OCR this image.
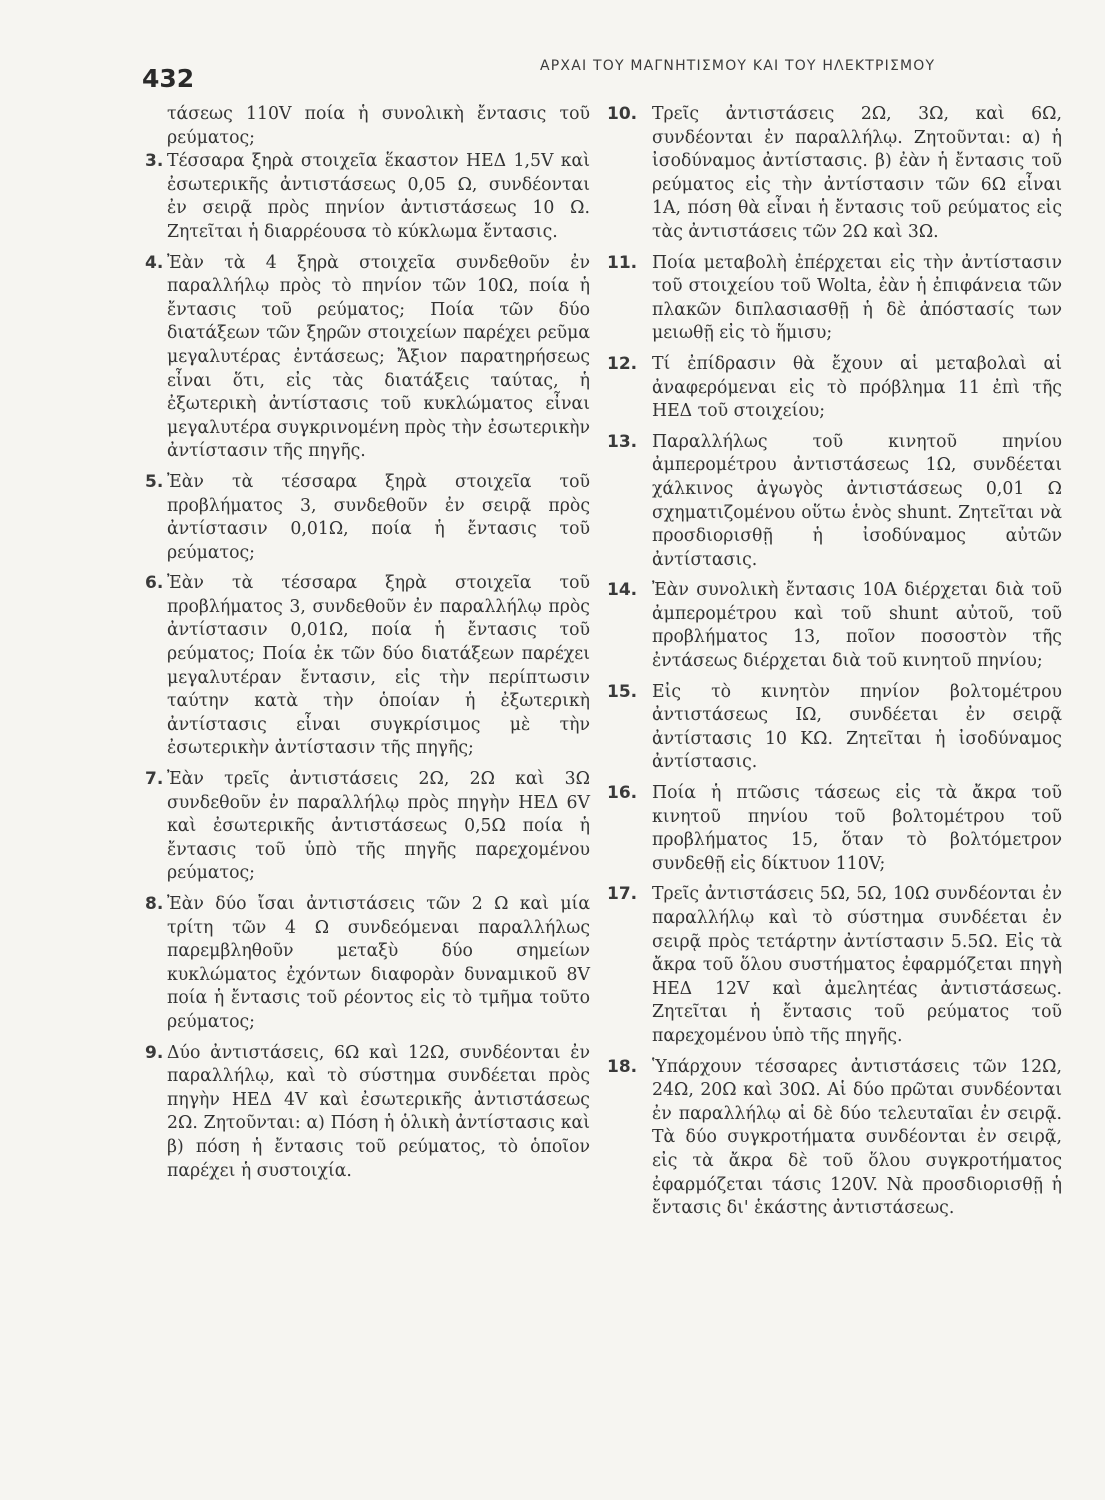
432	ΑΡΧΑΙ ΤΟΥ ΜΑΓΝΗΤΙΣΜΟΥ ΚΑΙ ΤΟΥ ΗΛΕΚΤΡΙΣΜΟΥ
τάσεως 110V ποία ἡ συνολικὴ ἔντασις τοῦ ρεύματος;
3. Τέσσαρα ξηρὰ στοιχεῖα ἕκαστον ΗΕΔ 1,5V καὶ ἐσωτερικῆς ἀντιστάσεως 0,05 Ω, συνδέονται ἐν σειρᾷ πρὸς πηνίον ἀντιστάσεως 10 Ω. Ζητεῖται ἡ διαρρέουσα τὸ κύκλωμα ἔντασις.
4. Ἐὰν τὰ 4 ξηρὰ στοιχεῖα συνδεθοῦν ἐν παραλλήλῳ πρὸς τὸ πηνίον τῶν 10Ω, ποία ἡ ἔντασις τοῦ ρεύματος; Ποία τῶν δύο διατάξεων τῶν ξηρῶν στοιχείων παρέχει ρεῦμα μεγαλυτέρας ἐντάσεως; Ἄξιον παρατηρήσεως εἶναι ὅτι, εἰς τὰς διατάξεις ταύτας, ἡ ἐξωτερικὴ ἀντίστασις τοῦ κυκλώματος εἶναι μεγαλυτέρα συγκρινομένη πρὸς τὴν ἐσωτερικὴν ἀντίστασιν τῆς πηγῆς.
5. Ἐὰν τὰ τέσσαρα ξηρὰ στοιχεῖα τοῦ προβλήματος 3, συνδεθοῦν ἐν σειρᾷ πρὸς ἀντίστασιν 0,01Ω, ποία ἡ ἔντασις τοῦ ρεύματος;
6. Ἐὰν τὰ τέσσαρα ξηρὰ στοιχεῖα τοῦ προβλήματος 3, συνδεθοῦν ἐν παραλλήλῳ πρὸς ἀντίστασιν 0,01Ω, ποία ἡ ἔντασις τοῦ ρεύματος; Ποία ἐκ τῶν δύο διατάξεων παρέχει μεγαλυτέραν ἔντασιν, εἰς τὴν περίπτωσιν ταύτην κατὰ τὴν ὁποίαν ἡ ἐξωτερικὴ ἀντίστασις εἶναι συγκρίσιμος μὲ τὴν ἐσωτερικὴν ἀντίστασιν τῆς πηγῆς;
7. Ἐὰν τρεῖς ἀντιστάσεις 2Ω, 2Ω καὶ 3Ω συνδεθοῦν ἐν παραλλήλῳ πρὸς πηγὴν ΗΕΔ 6V καὶ ἐσωτερικῆς ἀντιστάσεως 0,5Ω ποία ἡ ἔντασις τοῦ ὑπὸ τῆς πηγῆς παρεχομένου ρεύματος;
8. Ἐὰν δύο ἴσαι ἀντιστάσεις τῶν 2 Ω καὶ μία τρίτη τῶν 4 Ω συνδεόμεναι παραλλήλως παρεμβληθοῦν μεταξὺ δύο σημείων κυκλώματος ἐχόντων διαφορὰν δυναμικοῦ 8V ποία ἡ ἔντασις τοῦ ρέοντος εἰς τὸ τμῆμα τοῦτο ρεύματος;
9. Δύο ἀντιστάσεις, 6Ω καὶ 12Ω, συνδέονται ἐν παραλλήλῳ, καὶ τὸ σύστημα συνδέεται πρὸς πηγὴν ΗΕΔ 4V καὶ ἐσωτερικῆς ἀντιστάσεως 2Ω. Ζητοῦνται: α) Πόση ἡ ὁλικὴ ἀντίστασις καὶ β) πόση ἡ ἔντασις τοῦ ρεύματος, τὸ ὁποῖον παρέχει ἡ συστοιχία.
10. Τρεῖς ἀντιστάσεις 2Ω, 3Ω, καὶ 6Ω, συνδέονται ἐν παραλλήλῳ. Ζητοῦνται: α) ἡ ἰσοδύναμος ἀντίστασις. β) ἐὰν ἡ ἔντασις τοῦ ρεύματος εἰς τὴν ἀντίστασιν τῶν 6Ω εἶναι 1Α, πόση θὰ εἶναι ἡ ἔντασις τοῦ ρεύματος εἰς τὰς ἀντιστάσεις τῶν 2Ω καὶ 3Ω.
11. Ποία μεταβολὴ ἐπέρχεται εἰς τὴν ἀντίστασιν τοῦ στοιχείου τοῦ Wolta, ἐὰν ἡ ἐπιφάνεια τῶν πλακῶν διπλασιασθῇ ἡ δὲ ἀπόστασίς των μειωθῇ εἰς τὸ ἥμισυ;
12. Τί ἐπίδρασιν θὰ ἔχουν αἱ μεταβολαὶ αἱ ἀναφερόμεναι εἰς τὸ πρόβλημα 11 ἐπὶ τῆς ΗΕΔ τοῦ στοιχείου;
13. Παραλλήλως τοῦ κινητοῦ πηνίου ἀμπερομέτρου ἀντιστάσεως 1Ω, συνδέεται χάλκινος ἀγωγὸς ἀντιστάσεως 0,01 Ω σχηματιζομένου οὕτω ἑνὸς shunt. Ζητεῖται νὰ προσδιορισθῇ ἡ ἰσοδύναμος αὐτῶν ἀντίστασις.
14. Ἐὰν συνολικὴ ἔντασις 10Α διέρχεται διὰ τοῦ ἀμπερομέτρου καὶ τοῦ shunt αὐτοῦ, τοῦ προβλήματος 13, ποῖον ποσοστὸν τῆς ἐντάσεως διέρχεται διὰ τοῦ κινητοῦ πηνίου;
15. Εἰς τὸ κινητὸν πηνίον βολτομέτρου ἀντιστάσεως ΙΩ, συνδέεται ἐν σειρᾷ ἀντίστασις 10 ΚΩ. Ζητεῖται ἡ ἰσοδύναμος ἀντίστασις.
16. Ποία ἡ πτῶσις τάσεως εἰς τὰ ἄκρα τοῦ κινητοῦ πηνίου τοῦ βολτομέτρου τοῦ προβλήματος 15, ὅταν τὸ βολτόμετρον συνδεθῇ εἰς δίκτυον 110V;
17. Τρεῖς ἀντιστάσεις 5Ω, 5Ω, 10Ω συνδέονται ἐν παραλλήλῳ καὶ τὸ σύστημα συνδέεται ἐν σειρᾷ πρὸς τετάρτην ἀντίστασιν 5.5Ω. Εἰς τὰ ἄκρα τοῦ ὅλου συστήματος ἐφαρμόζεται πηγὴ ΗΕΔ 12V καὶ ἀμελητέας ἀντιστάσεως. Ζητεῖται ἡ ἔντασις τοῦ ρεύματος τοῦ παρεχομένου ὑπὸ τῆς πηγῆς.
18. Ὑπάρχουν τέσσαρες ἀντιστάσεις τῶν 12Ω, 24Ω, 20Ω καὶ 30Ω. Αἱ δύο πρῶται συνδέονται ἐν παραλλήλῳ αἱ δὲ δύο τελευταῖαι ἐν σειρᾷ. Τὰ δύο συγκροτήματα συνδέονται ἐν σειρᾷ, εἰς τὰ ἄκρα δὲ τοῦ ὅλου συγκροτήματος ἐφαρμόζεται τάσις 120V. Νὰ προσδιορισθῇ ἡ ἔντασις δι' ἑκάστης ἀντιστάσεως.
